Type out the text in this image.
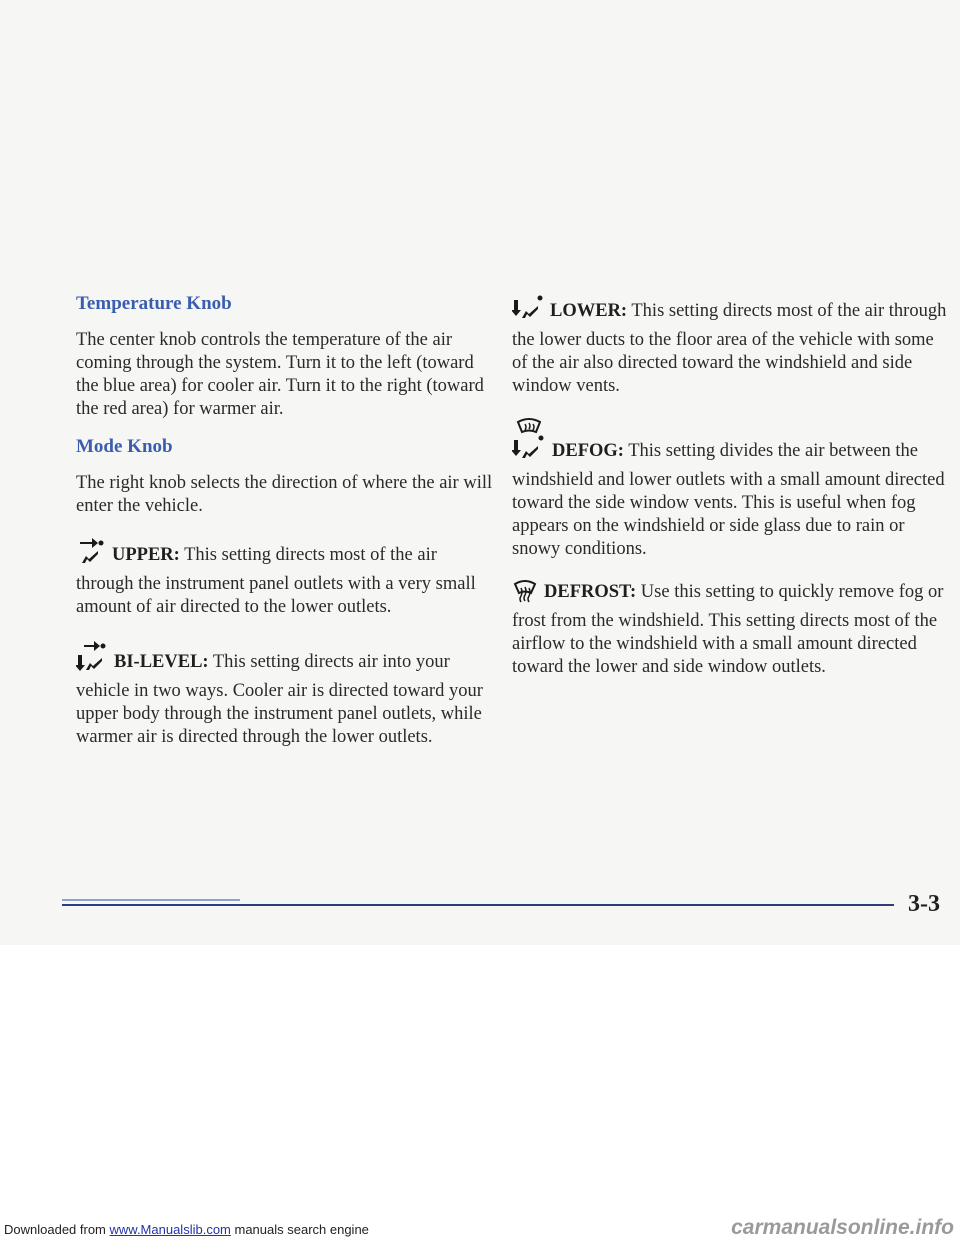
Temperature Knob

The center knob controls the temperature of the air coming through the system. Turn it to the left (toward the blue area) for cooler air. Turn it to the right (toward the red area) for warmer air.

Mode Knob

The right knob selects the direction of where the air will enter the vehicle.

UPPER: This setting directs most of the air through the instrument panel outlets with a very small amount of air directed to the lower outlets.

BI-LEVEL: This setting directs air into your vehicle in two ways. Cooler air is directed toward your upper body through the instrument panel outlets, while warmer air is directed through the lower outlets.

LOWER: This setting directs most of the air through the lower ducts to the floor area of the vehicle with some of the air also directed toward the windshield and side window vents.

DEFOG: This setting divides the air between the windshield and lower outlets with a small amount directed toward the side window vents. This is useful when fog appears on the windshield or side glass due to rain or snowy conditions.

DEFROST: Use this setting to quickly remove fog or frost from the windshield. This setting directs most of the airflow to the windshield with a small amount directed toward the lower and side window outlets.

3-3
Downloaded from www.Manualslib.com manuals search engine	carmanualsonline.info
